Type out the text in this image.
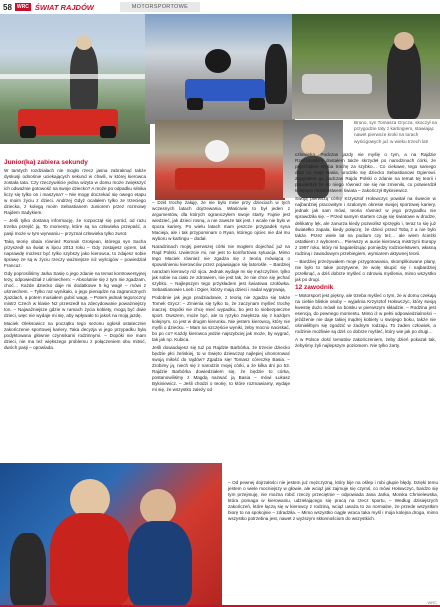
58	WRC ŚWIAT RAJDÓW	MOTORSPORTOWE
Bruno, syn Tomasza Grycza, skoczył na przygodzie taty z kartingiem, stawiając nawet pierwsze kroki na torach wyścigowych już w wieku trzech lat!
Junior(ka) zabiera sekundy

W tamtych rozdziałach nie mogło rzecz jasna zabraknąć także dyskusji odnośnie uciekających sekund w chwili, w której kierowca została tata. Czy rzeczywiście jedna wizyta w domu może zwiększyć ich odważnie gotowość na swoje dziecko? A może po odpadku silnika liczy się tylko on i maszyna? – Nie mogę doczekać się owego etapu w moim życiu z dzieci. Andrzej Gdyż ocalałem tylko ze trzeciego dziecka, z kolegą moim Sebastianem Juniorem przez rozmowę Rajdem Sadykiem.

– Jeśli tylko dostaną informację, że rozpoczął się poród, od razu trzeba przejść ją. To momenty, które są na człowieka przepaść, a pasji może w tym wyrwaniu – przyznał człowieka tylko zwrot.

Taką teorię obala również Romain Grosjean, którego syn Sacha przyszedł na świat w lipcu 2013 roku – Gdy zostajesz ojcem, tak naprawdę możesz być tylko szybszy jako kierowca, to zdajesz sobie sprawę ze są w życiu rzeczy ważniejsze niż wyścigów – powiedział Francuz.

Gdy poprosiliśmy Jarka Sasię o jego zdanie na temat kontrowersyjnej tezy, odpowiedział z uśmiechem: – Absolutnie się z tym nie zgadzam, choć… Każde dziecko daje mi dodatkowe 5 kg wagi! – mówi z uśmiechem. – Tylko raz wynikało, o jego pieniądze na zagranicznych zjazdach, a potem musiałem gubić wagę. – Potem jednak tegoroczny mistrz Czech w klasie N2 przeszedł na zdecydowanie poważniejszy ton. – Najważniejsze gdzie w ramach życia kobiety, mogą być dwie dzieci, więc nie wydaje mi się, aby wpływało to jakoś na moją jazdę.

Maciek Oleksowicz na początku tego sezonu ogłosił ostatecznie zakończenie sportowej kariery. Taka decyzja w jego przypadku była podyktowana głównie czynnikami rodzinnymi. – Dopóki nie mam dzieci, nie ma też większego problemu z połączeniem obu mitnić, dwóch pasji – opowiada.

– Dziś trochę żałuję, że nie było mnie przy dzieciach w tych wczesnych latach dojrzewania. Właściwie to był jeden z argumentów, dla których ograniczyłem swoje starty. Fajnie jest wiedzieć, jak dzieci rosną, a nie zawsze tak jest. I wcale nie było w spoza kariery. Po wielu latach mam jeszcze przypadek syna Macieja, ale i tak przypominam o Ryan, którego ojciec nie dał mu wyboru w kartingu – dodał.

Naradzinach mojej pierwszej córki nie mogłem dojechać już na Rajd Polski. Uwierzcie mi, nie jest to komfortowa sytuacja. Mimo tego Maciek również nie zgadza się z teorią mówiącą o spowolnieniu kierowców przez pojawiające się latorośle. – Bardziej narażam kierowcy niż ojca. Jednak wydaje mi się mężczyźnie, tylko jak sobie na ciało ze zdrowiem, nie jest tak, że nie chce się jechać szybko. – Najlepszym tego przykładem jest światowa czołówka. Sebastianowie Loeb i Ogier, którzy mają dzieci i nadal wygrywają.

Podobnie jak jego pradziadowie, z teorią nie zgadza się także Tomek Grycz: – Zmienia się tylko to, że zaczynam myśleć trochę inaczej. Dopóki nie chcę mieć wypadku, bo jest to niebezpieczne sport. Owszem, może być, ale to ryzyko zwiększa się z każdym kolejnym, co jest w drugim kierunku. Nie jestem kierowcą, który nie myśli o dziecku. – Mam na szczęście wyniki, żeby mocno naciskać, bo po co? Każdy kierowca jedzie najszybciej jak może, by wygrać, tak jak np. Kubica.

Jeśli dowiadujesz się tuż po Rajdzie Barbórka, że trzecie dziecko będzie płci żeńskiej, to w Święto dziewcząt najlepiej uhonorować swoją miłość do rajdów? Zgadza się! Tomasz córeczkę Basia. – Zrobimy ją, niech się z narodzin mojej córki, a że kilka dni po 53. Rajdzie Barbórka dowiedziałem się, że będzie to córka, postanowiliśmy z Magdą nazwać ją Basia – mówi Łukasz Bykiniewicz. – Jeśli chodzi o teorię, to które rozmawiamy, wydaje mi się, że wszystko zależy od

człowieka. Podczas jazdy nie myślę o tym, a na Rajdzie Rzeszowskim dostałem także skrzydeł po narodzinach córki, że pojechałem chyba trochę za szybko… Co ciekawe, tego samego dnia co moja Basia, urodziło się dziecko Sebastianowi Ogierowi. Zapytałem go podczas Rajdu Polski o zdanie na temat tej teorii i potwierdził że do niego również nie się nie zmieniło, co potwierdził kolejnym mistrzostwem świata – zakończył Bykiniewicz.

Swoją pierwszą córkę Krzysztof Hołowczyc powitał na świecie w najbardziej pracowitym i szalonym okresie swojej sportowej kariery, jednak jak sam mówi, teoria również w jego przypadku nie sprawdziła się. – Przed samym startem czuję się światowe w drodze, delikatny lęk, ale zanurza kiedy pozwolisz sprzęgło i, teraz to się już światełko zapala, kiedy połączę, że dzieci przed Tobą z a nie było także. Przez wiele lat na podium czy też… ale wiem ścieżki ostatkiem z wyborem… Pierwszy w aucie kierowcą mistrzyni Europy z 1997 roku, który mi bagatelizując pomiędzy rodzicielstwem, własną rodziną i zawodowym przebiegiem, wymiarem aktywnej teorii.

– Bardziej przeżywałem moje przygotowania, skomplikowane plany, nie było to takie pozytywne, że wolę skupić się i najbardziej przełknąć, a dziś dobrze myśleć o zdrowiu myślenia, mimo wszystko jak po drugi.

12 zawodnik

– Motorsport jest piękny, ale trzeba myśleć o tym, że w domu czekają na ciebie bliskie osoby – wyjaśnia Krzysztof Hołowczyc, który swoją kwestię dużo mówił na boisku w pierwszym składzie. – Rodzina jest esencją, do pewnego momentu. Mimo iż w pełni odpowiedzialności – jeżdżenie nie daje takiej mądrej kobiety u swojego boku, także nie ośmieliłbym się zgodzić w żadnym rodzaju. To żaden człowiek, a rodzinie możliwie są dziś co dobrze myśleć, który wie jak po drugi…

A w Polsce dość tematów zakończeniem, żeby dzień pokazał tak, żebyśmy żyli najlepszym poziomem. Nie tylko żarty.

– Od pewnej dojrzałości nie jestem już mężczyzną, który bije na oślep i robi głupie błędy. Dzięki temu jestem o wiele mocniejszy w głowie, ale wciąż jak zajmuje się czymś, co mówi Hołowczyc, bardzo się tym przejmuję, nie można robić rzeczy przeciętnie – odpowiada Jana Jarka, Monika Chmielewska, która pomaga w kierowaniu, udzielającego się pracą na rzecz sportu, – Według dzisiejszych zakończeń, które łączą się w kierowcy z rodziną, wciąż uważa to za normalne, że przede wszystkim biorę to na spokojnie – zdradziła. – Mimo wszystko ciągle wraca taka myśl i moja kolejna droga, mimo wszystko potrzebna jest, nawet z wyższym skłonnościom do wszystkich.

WRC
